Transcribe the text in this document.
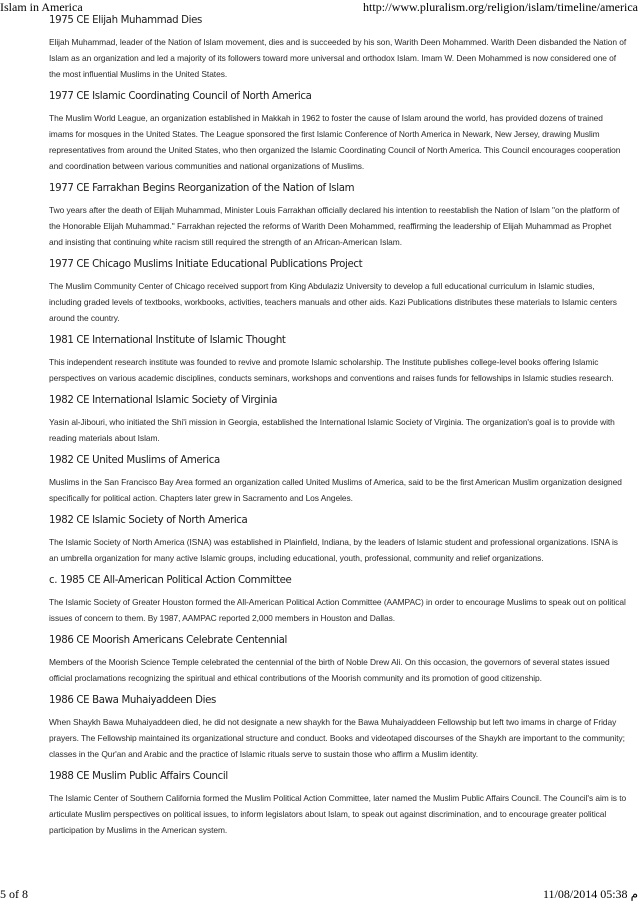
Islam in America	http://www.pluralism.org/religion/islam/timeline/america
1975 CE Elijah Muhammad Dies

Elijah Muhammad, leader of the Nation of Islam movement, dies and is succeeded by his son, Warith Deen Mohammed. Warith Deen disbanded the Nation of Islam as an organization and led a majority of its followers toward more universal and orthodox Islam. Imam W. Deen Mohammed is now considered one of the most influential Muslims in the United States.

1977 CE Islamic Coordinating Council of North America

The Muslim World League, an organization established in Makkah in 1962 to foster the cause of Islam around the world, has provided dozens of trained imams for mosques in the United States. The League sponsored the first Islamic Conference of North America in Newark, New Jersey, drawing Muslim representatives from around the United States, who then organized the Islamic Coordinating Council of North America. This Council encourages cooperation and coordination between various communities and national organizations of Muslims.

1977 CE Farrakhan Begins Reorganization of the Nation of Islam

Two years after the death of Elijah Muhammad, Minister Louis Farrakhan officially declared his intention to reestablish the Nation of Islam "on the platform of the Honorable Elijah Muhammad." Farrakhan rejected the reforms of Warith Deen Mohammed, reaffirming the leadership of Elijah Muhammad as Prophet and insisting that continuing white racism still required the strength of an African-American Islam.

1977 CE Chicago Muslims Initiate Educational Publications Project

The Muslim Community Center of Chicago received support from King Abdulaziz University to develop a full educational curriculum in Islamic studies, including graded levels of textbooks, workbooks, activities, teachers manuals and other aids. Kazi Publications distributes these materials to Islamic centers around the country.

1981 CE International Institute of Islamic Thought

This independent research institute was founded to revive and promote Islamic scholarship. The Institute publishes college-level books offering Islamic perspectives on various academic disciplines, conducts seminars, workshops and conventions and raises funds for fellowships in Islamic studies research.

1982 CE International Islamic Society of Virginia

Yasin al-Jibouri, who initiated the Shi'i mission in Georgia, established the International Islamic Society of Virginia. The organization's goal is to provide with reading materials about Islam.

1982 CE United Muslims of America

Muslims in the San Francisco Bay Area formed an organization called United Muslims of America, said to be the first American Muslim organization designed specifically for political action. Chapters later grew in Sacramento and Los Angeles.

1982 CE Islamic Society of North America

The Islamic Society of North America (ISNA) was established in Plainfield, Indiana, by the leaders of Islamic student and professional organizations. ISNA is an umbrella organization for many active Islamic groups, including educational, youth, professional, community and relief organizations.

c. 1985 CE All-American Political Action Committee

The Islamic Society of Greater Houston formed the All-American Political Action Committee (AAMPAC) in order to encourage Muslims to speak out on political issues of concern to them. By 1987, AAMPAC reported 2,000 members in Houston and Dallas.

1986 CE Moorish Americans Celebrate Centennial

Members of the Moorish Science Temple celebrated the centennial of the birth of Noble Drew Ali. On this occasion, the governors of several states issued official proclamations recognizing the spiritual and ethical contributions of the Moorish community and its promotion of good citizenship.

1986 CE Bawa Muhaiyaddeen Dies

When Shaykh Bawa Muhaiyaddeen died, he did not designate a new shaykh for the Bawa Muhaiyaddeen Fellowship but left two imams in charge of Friday prayers. The Fellowship maintained its organizational structure and conduct. Books and videotaped discourses of the Shaykh are important to the community; classes in the Qur'an and Arabic and the practice of Islamic rituals serve to sustain those who affirm a Muslim identity.

1988 CE Muslim Public Affairs Council

The Islamic Center of Southern California formed the Muslim Political Action Committee, later named the Muslim Public Affairs Council. The Council's aim is to articulate Muslim perspectives on political issues, to inform legislators about Islam, to speak out against discrimination, and to encourage greater political participation by Muslims in the American system.

5 of 8	11/08/2014 05:38 م
